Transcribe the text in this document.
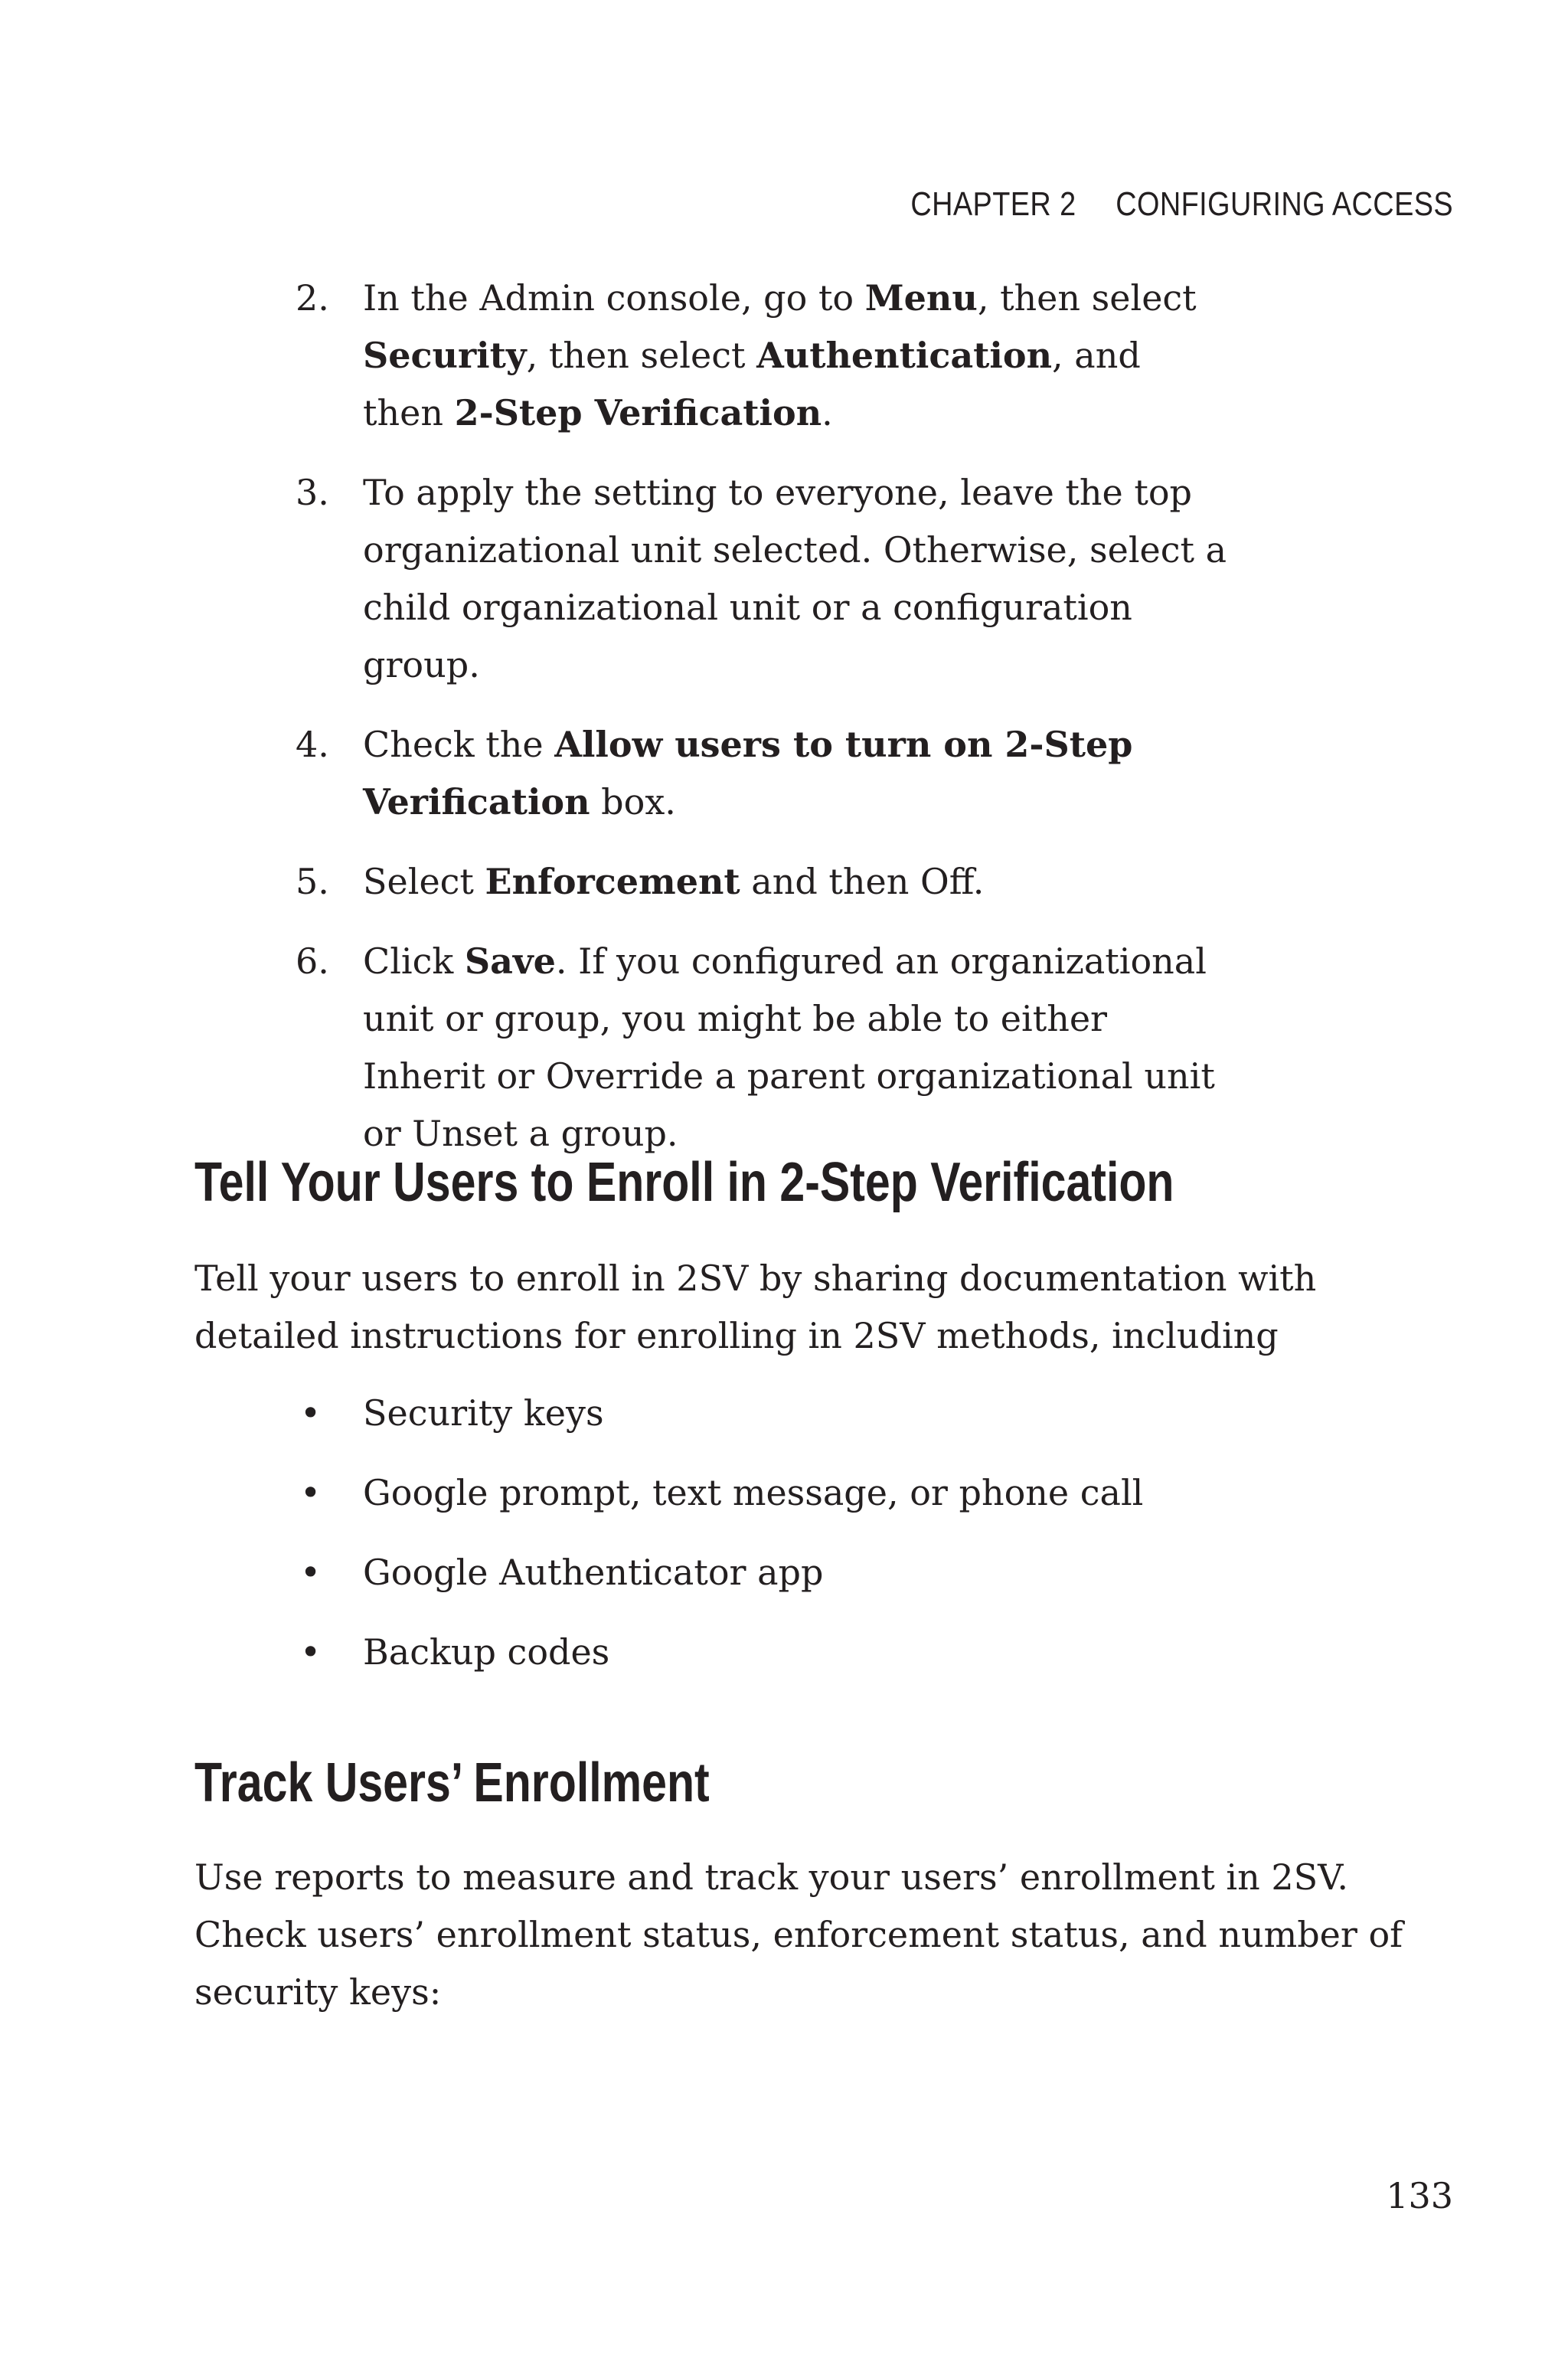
CHAPTER 2 CONFIGURING ACCESS
2. In the Admin console, go to Menu, then select Security, then select Authentication, and then 2-Step Verification.
3. To apply the setting to everyone, leave the top organizational unit selected. Otherwise, select a child organizational unit or a configuration group.
4. Check the Allow users to turn on 2-Step Verification box.
5. Select Enforcement and then Off.
6. Click Save. If you configured an organizational unit or group, you might be able to either Inherit or Override a parent organizational unit or Unset a group.
Tell Your Users to Enroll in 2-Step Verification

Tell your users to enroll in 2SV by sharing documentation with detailed instructions for enrolling in 2SV methods, including

• Security keys
• Google prompt, text message, or phone call
• Google Authenticator app
• Backup codes
Track Users’ Enrollment

Use reports to measure and track your users’ enrollment in 2SV. Check users’ enrollment status, enforcement status, and number of security keys:

133
